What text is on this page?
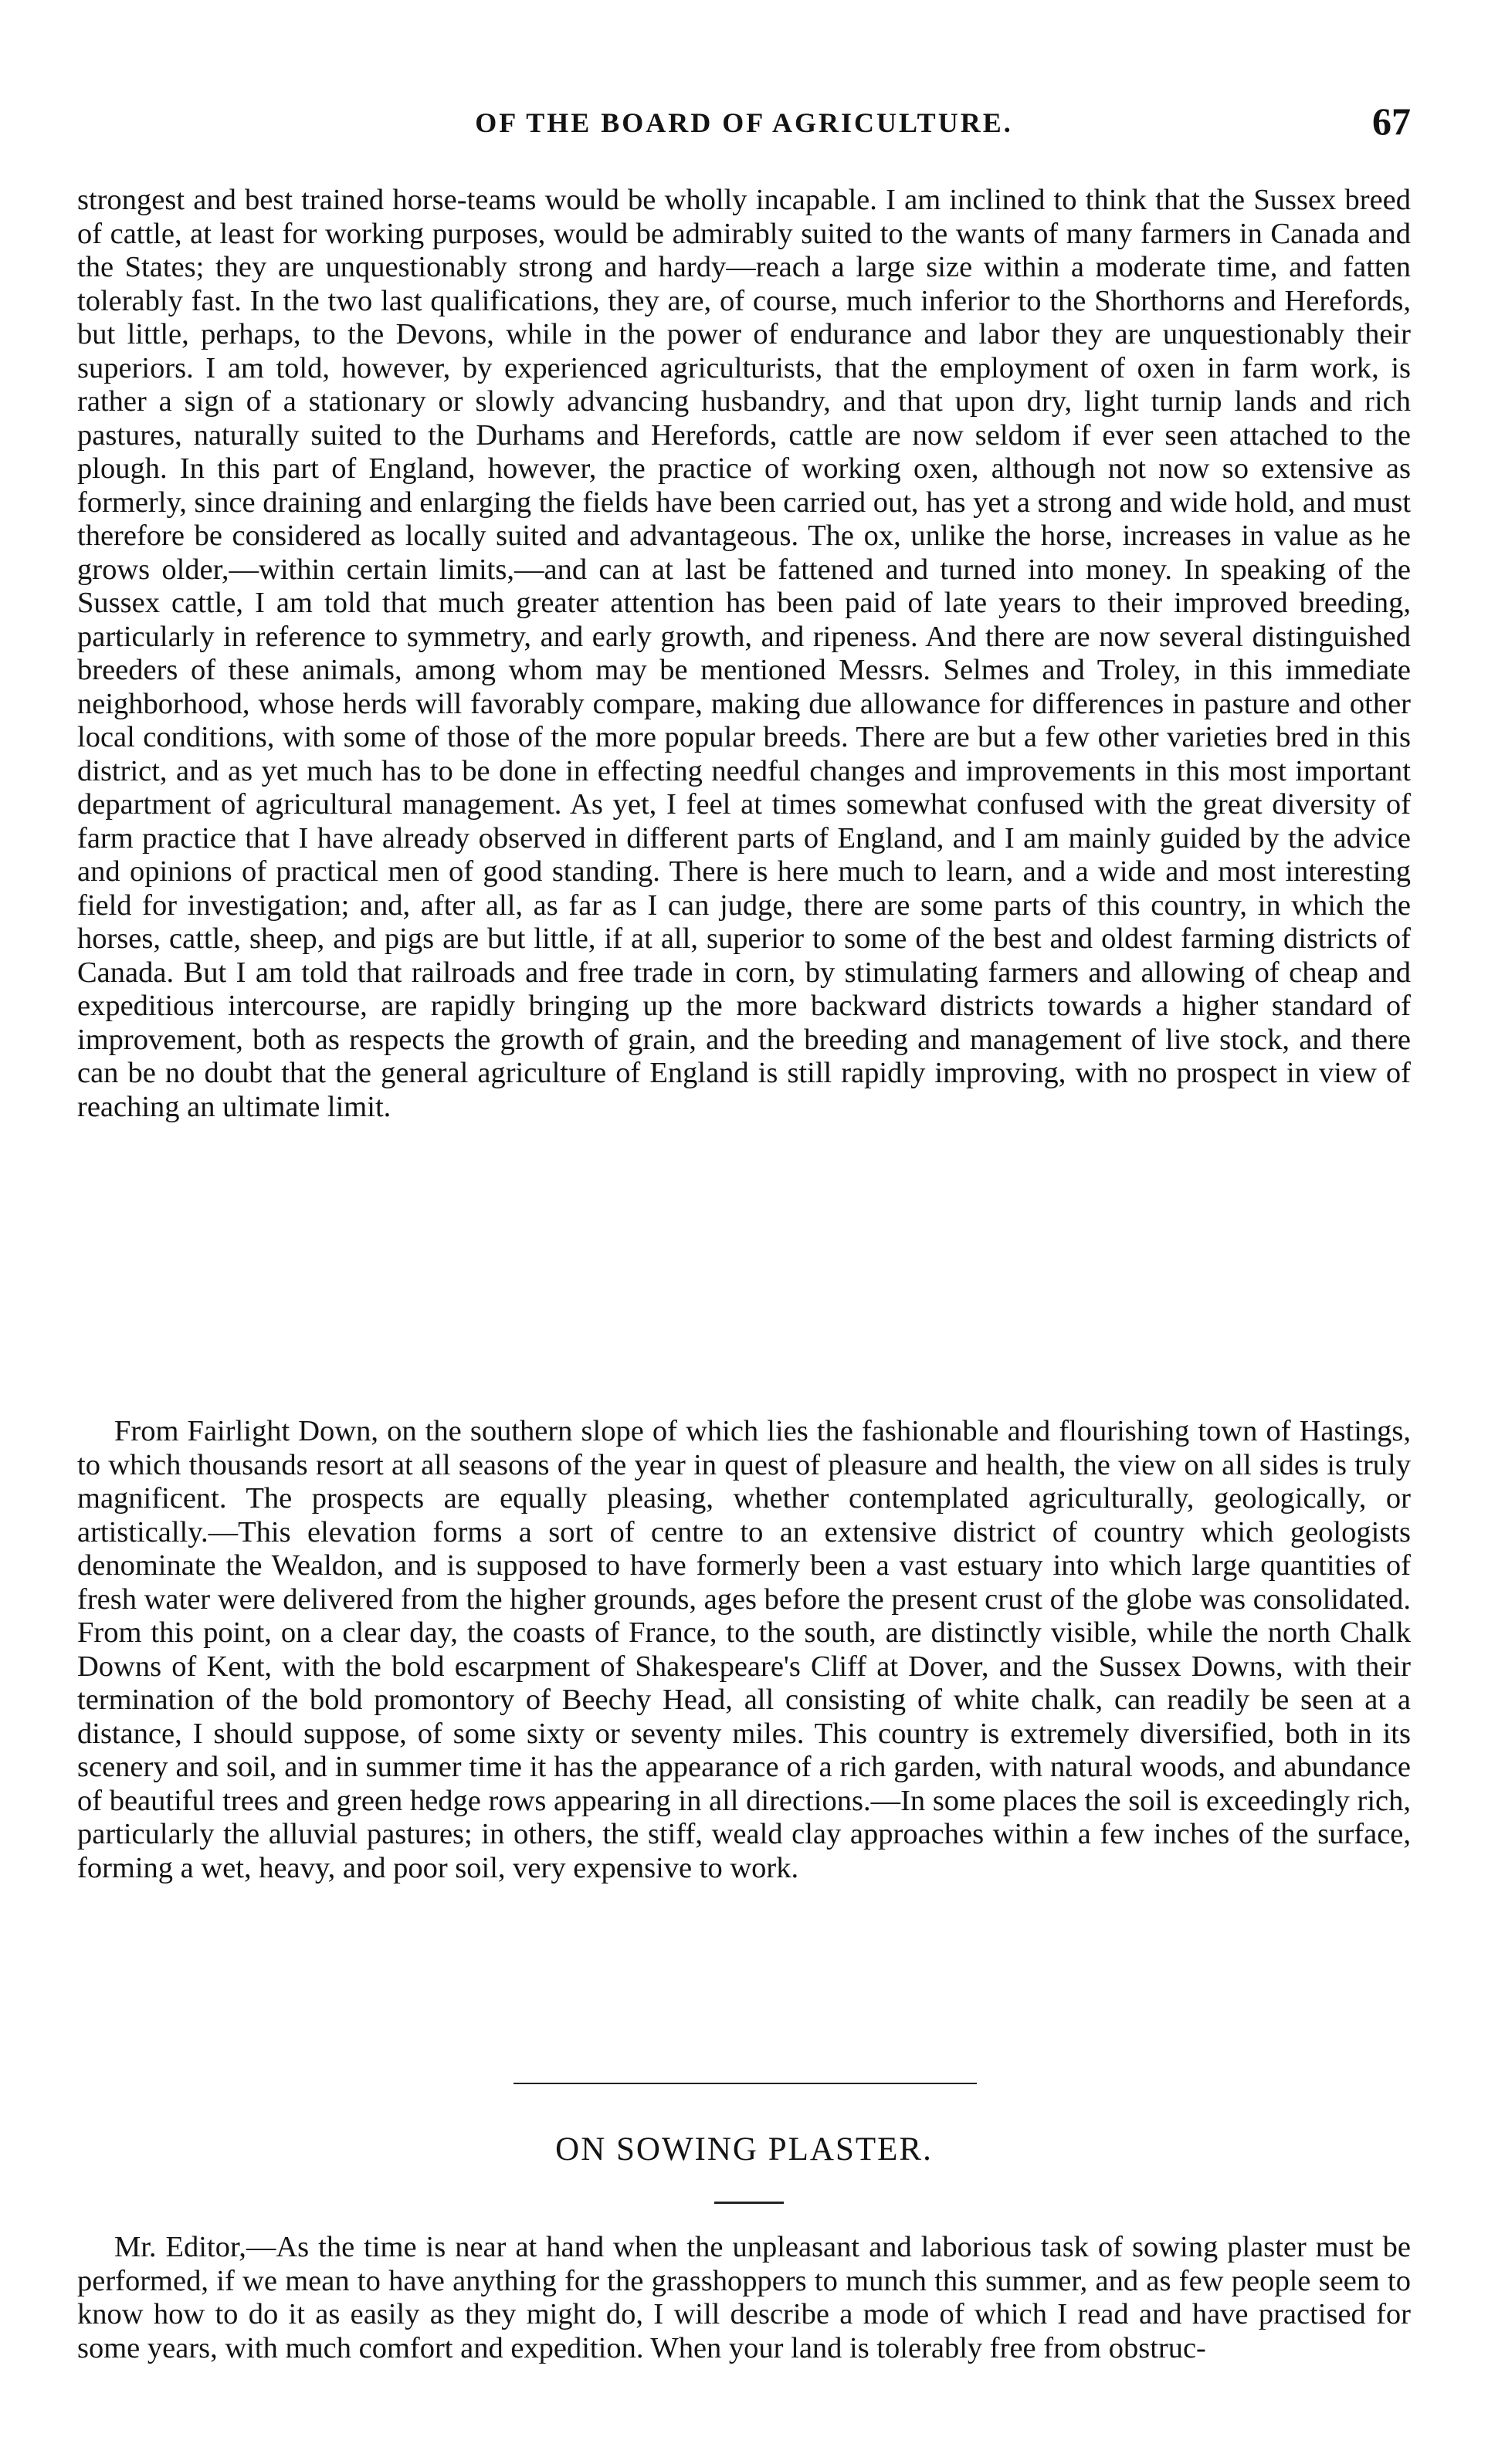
OF THE BOARD OF AGRICULTURE.	67

strongest and best trained horse-teams would be wholly incapable. I am inclined to think that the Sussex breed of cattle, at least for working purposes, would be admirably suited to the wants of many farmers in Canada and the States; they are unquestionably strong and hardy—reach a large size within a moderate time, and fatten tolerably fast. In the two last qualifications, they are, of course, much inferior to the Shorthorns and Herefords, but little, perhaps, to the Devons, while in the power of endurance and labor they are unquestionably their superiors. I am told, however, by experienced agriculturists, that the employment of oxen in farm work, is rather a sign of a stationary or slowly advancing husbandry, and that upon dry, light turnip lands and rich pastures, naturally suited to the Durhams and Herefords, cattle are now seldom if ever seen attached to the plough. In this part of England, however, the practice of working oxen, although not now so extensive as formerly, since draining and enlarging the fields have been carried out, has yet a strong and wide hold, and must therefore be considered as locally suited and advantageous. The ox, unlike the horse, increases in value as he grows older,—within certain limits,—and can at last be fattened and turned into money. In speaking of the Sussex cattle, I am told that much greater attention has been paid of late years to their improved breeding, particularly in reference to symmetry, and early growth, and ripeness. And there are now several distinguished breeders of these animals, among whom may be mentioned Messrs. Selmes and Troley, in this immediate neighborhood, whose herds will favorably compare, making due allowance for differences in pasture and other local conditions, with some of those of the more popular breeds. There are but a few other varieties bred in this district, and as yet much has to be done in effecting needful changes and improvements in this most important department of agricultural management. As yet, I feel at times somewhat confused with the great diversity of farm practice that I have already observed in different parts of England, and I am mainly guided by the advice and opinions of practical men of good standing. There is here much to learn, and a wide and most interesting field for investigation; and, after all, as far as I can judge, there are some parts of this country, in which the horses, cattle, sheep, and pigs are but little, if at all, superior to some of the best and oldest farming districts of Canada. But I am told that railroads and free trade in corn, by stimulating farmers and allowing of cheap and expeditious intercourse, are rapidly bringing up the more backward districts towards a higher standard of improvement, both as respects the growth of grain, and the breeding and management of live stock, and there can be no doubt that the general agriculture of England is still rapidly improving, with no prospect in view of reaching an ultimate limit.

From Fairlight Down, on the southern slope of which lies the fashionable and flourishing town of Hastings, to which thousands resort at all seasons of the year in quest of pleasure and health, the view on all sides is truly magnificent. The prospects are equally pleasing, whether contemplated agriculturally, geologically, or artistically.—This elevation forms a sort of centre to an extensive district of country which geologists denominate the Wealdon, and is supposed to have formerly been a vast estuary into which large quantities of fresh water were delivered from the higher grounds, ages before the present crust of the globe was consolidated. From this point, on a clear day, the coasts of France, to the south, are distinctly visible, while the north Chalk Downs of Kent, with the bold escarpment of Shakespeare's Cliff at Dover, and the Sussex Downs, with their termination of the bold promontory of Beechy Head, all consisting of white chalk, can readily be seen at a distance, I should suppose, of some sixty or seventy miles. This country is extremely diversified, both in its scenery and soil, and in summer time it has the appearance of a rich garden, with natural woods, and abundance of beautiful trees and green hedge rows appearing in all directions.—In some places the soil is exceedingly rich, particularly the alluvial pastures; in others, the stiff, weald clay approaches within a few inches of the surface, forming a wet, heavy, and poor soil, very expensive to work.

ON SOWING PLASTER.

Mr. Editor,—As the time is near at hand when the unpleasant and laborious task of sowing plaster must be performed, if we mean to have anything for the grasshoppers to munch this summer, and as few people seem to know how to do it as easily as they might do, I will describe a mode of which I read and have practised for some years, with much comfort and expedition. When your land is tolerably free from obstruc-
